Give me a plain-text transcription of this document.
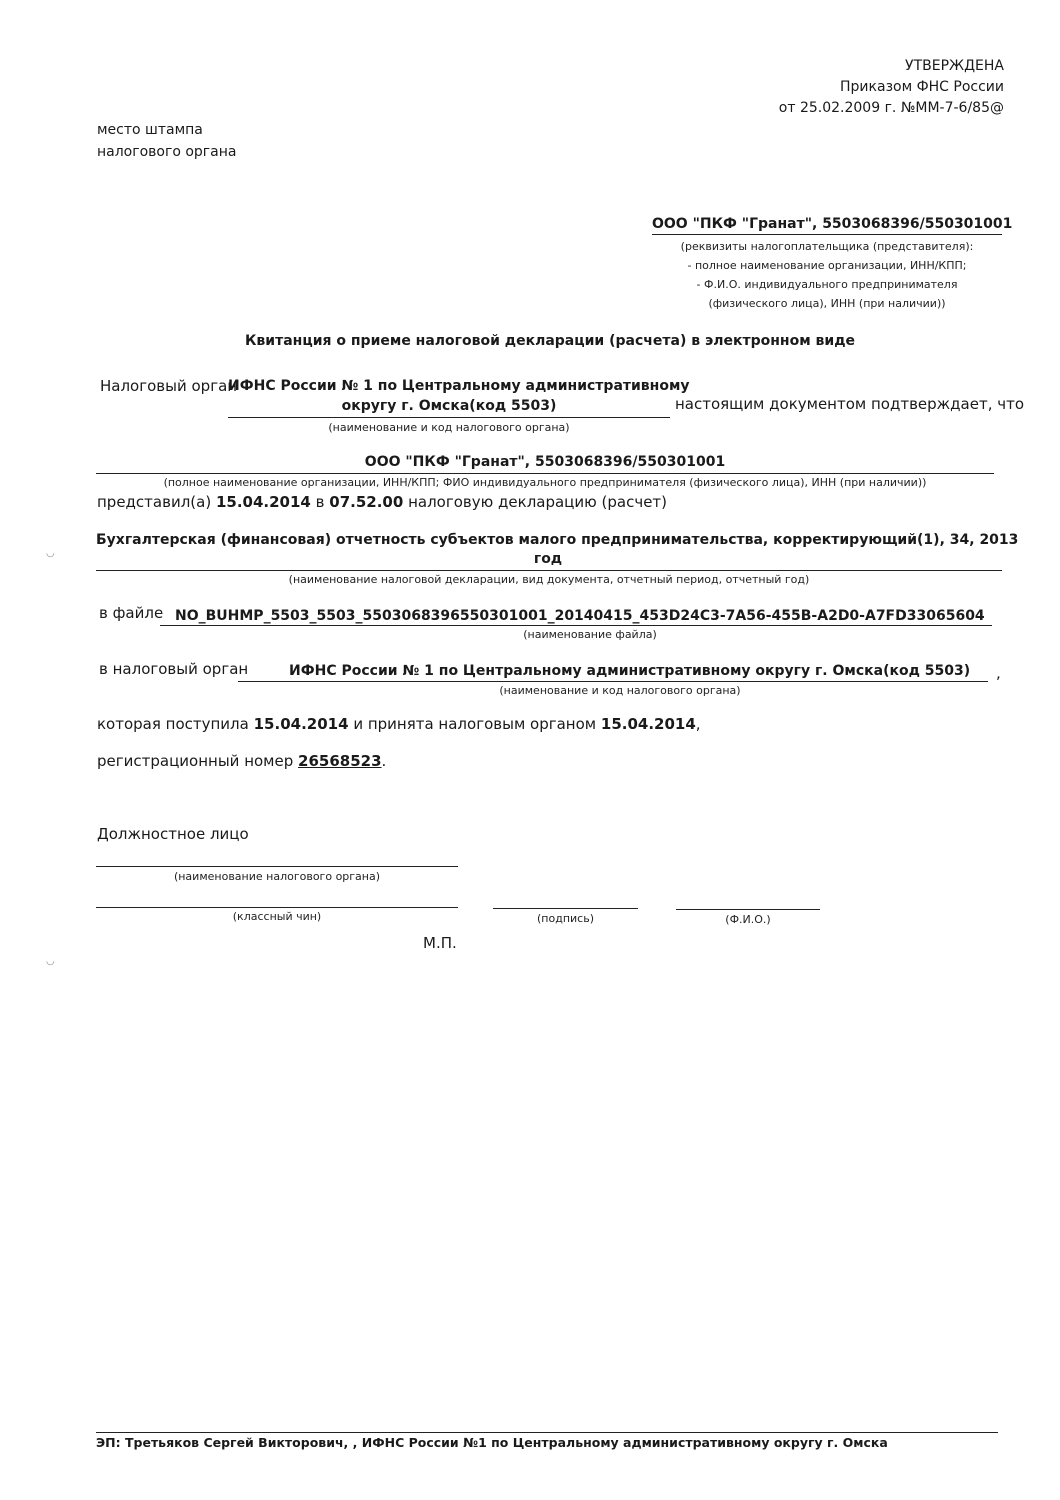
УТВЕРЖДЕНА
Приказом ФНС России
от 25.02.2009 г. №ММ-7-6/85@
место штампа
налогового органа
ООО "ПКФ "Гранат", 5503068396/550301001
(реквизиты налогоплательщика (представителя):
- полное наименование организации, ИНН/КПП;
- Ф.И.О. индивидуального предпринимателя
(физического лица), ИНН (при наличии))
Квитанция о приеме налоговой декларации (расчета) в электронном виде
Налоговый орган
ИФНС России № 1 по Центральному административному
округу г. Омска(код 5503)	настоящим документом подтверждает, что
(наименование и код налогового органа)
ООО "ПКФ "Гранат", 5503068396/550301001
(полное наименование организации, ИНН/КПП; ФИО индивидуального предпринимателя (физического лица), ИНН (при наличии))
представил(а) 15.04.2014 в 07.52.00 налоговую декларацию (расчет)
Бухгалтерская (финансовая) отчетность субъектов малого предпринимательства, корректирующий(1), 34, 2013
год
(наименование налоговой декларации, вид документа, отчетный период, отчетный год)
в файле NO_BUHMP_5503_5503_5503068396550301001_20140415_453D24C3-7A56-455B-A2D0-A7FD33065604
(наименование файла)
в налоговый орган	ИФНС России № 1 по Центральному административному округу г. Омска(код 5503) ,
(наименование и код налогового органа)
которая поступила 15.04.2014 и принята налоговым органом 15.04.2014,
регистрационный номер 26568523.
Должностное лицо
(наименование налогового органа)
(классный чин)	(подпись)	(Ф.И.О.)
М.П.
ЭП: Третьяков Сергей Викторович, , ИФНС России №1 по Центральному административному округу г. Омска
◡
◡
